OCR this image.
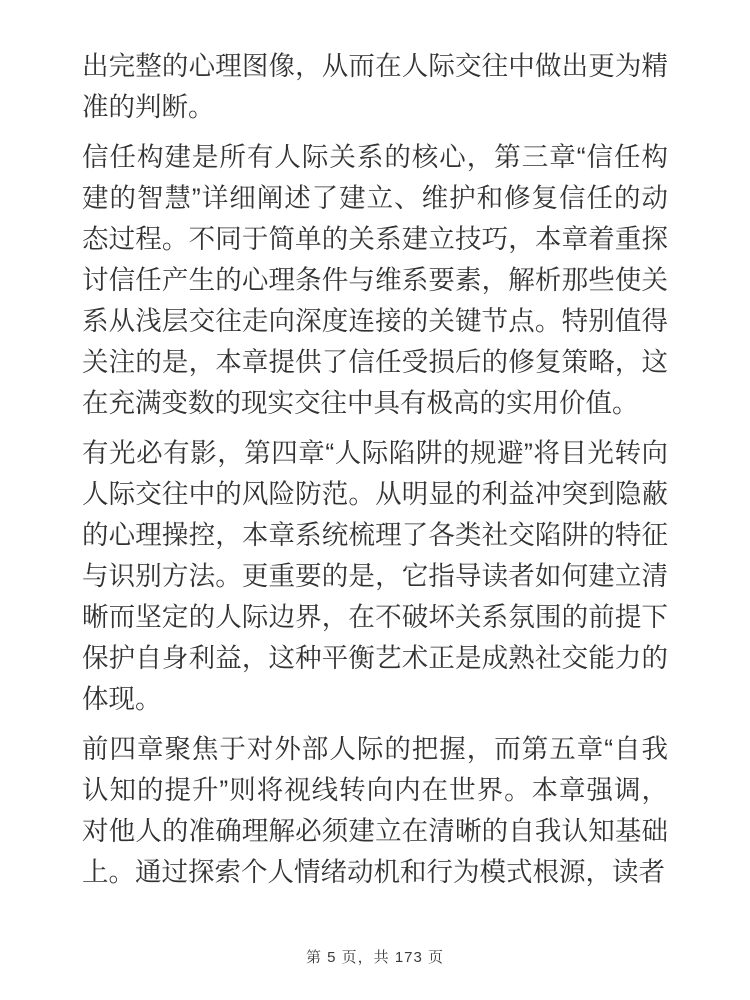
出完整的心理图像，从而在人际交往中做出更为精准的判断。

信任构建是所有人际关系的核心，第三章“信任构建的智慧”详细阐述了建立、维护和修复信任的动态过程。不同于简单的关系建立技巧，本章着重探讨信任产生的心理条件与维系要素，解析那些使关系从浅层交往走向深度连接的关键节点。特别值得关注的是，本章提供了信任受损后的修复策略，这在充满变数的现实交往中具有极高的实用价值。

有光必有影，第四章“人际陷阱的规避”将目光转向人际交往中的风险防范。从明显的利益冲突到隐蔽的心理操控，本章系统梳理了各类社交陷阱的特征与识别方法。更重要的是，它指导读者如何建立清晰而坚定的人际边界，在不破坏关系氛围的前提下保护自身利益，这种平衡艺术正是成熟社交能力的体现。

前四章聚焦于对外部人际的把握，而第五章“自我认知的提升”则将视线转向内在世界。本章强调，对他人的准确理解必须建立在清晰的自我认知基础上。通过探索个人情绪动机和行为模式根源，读者

第 5 页，共 173 页
